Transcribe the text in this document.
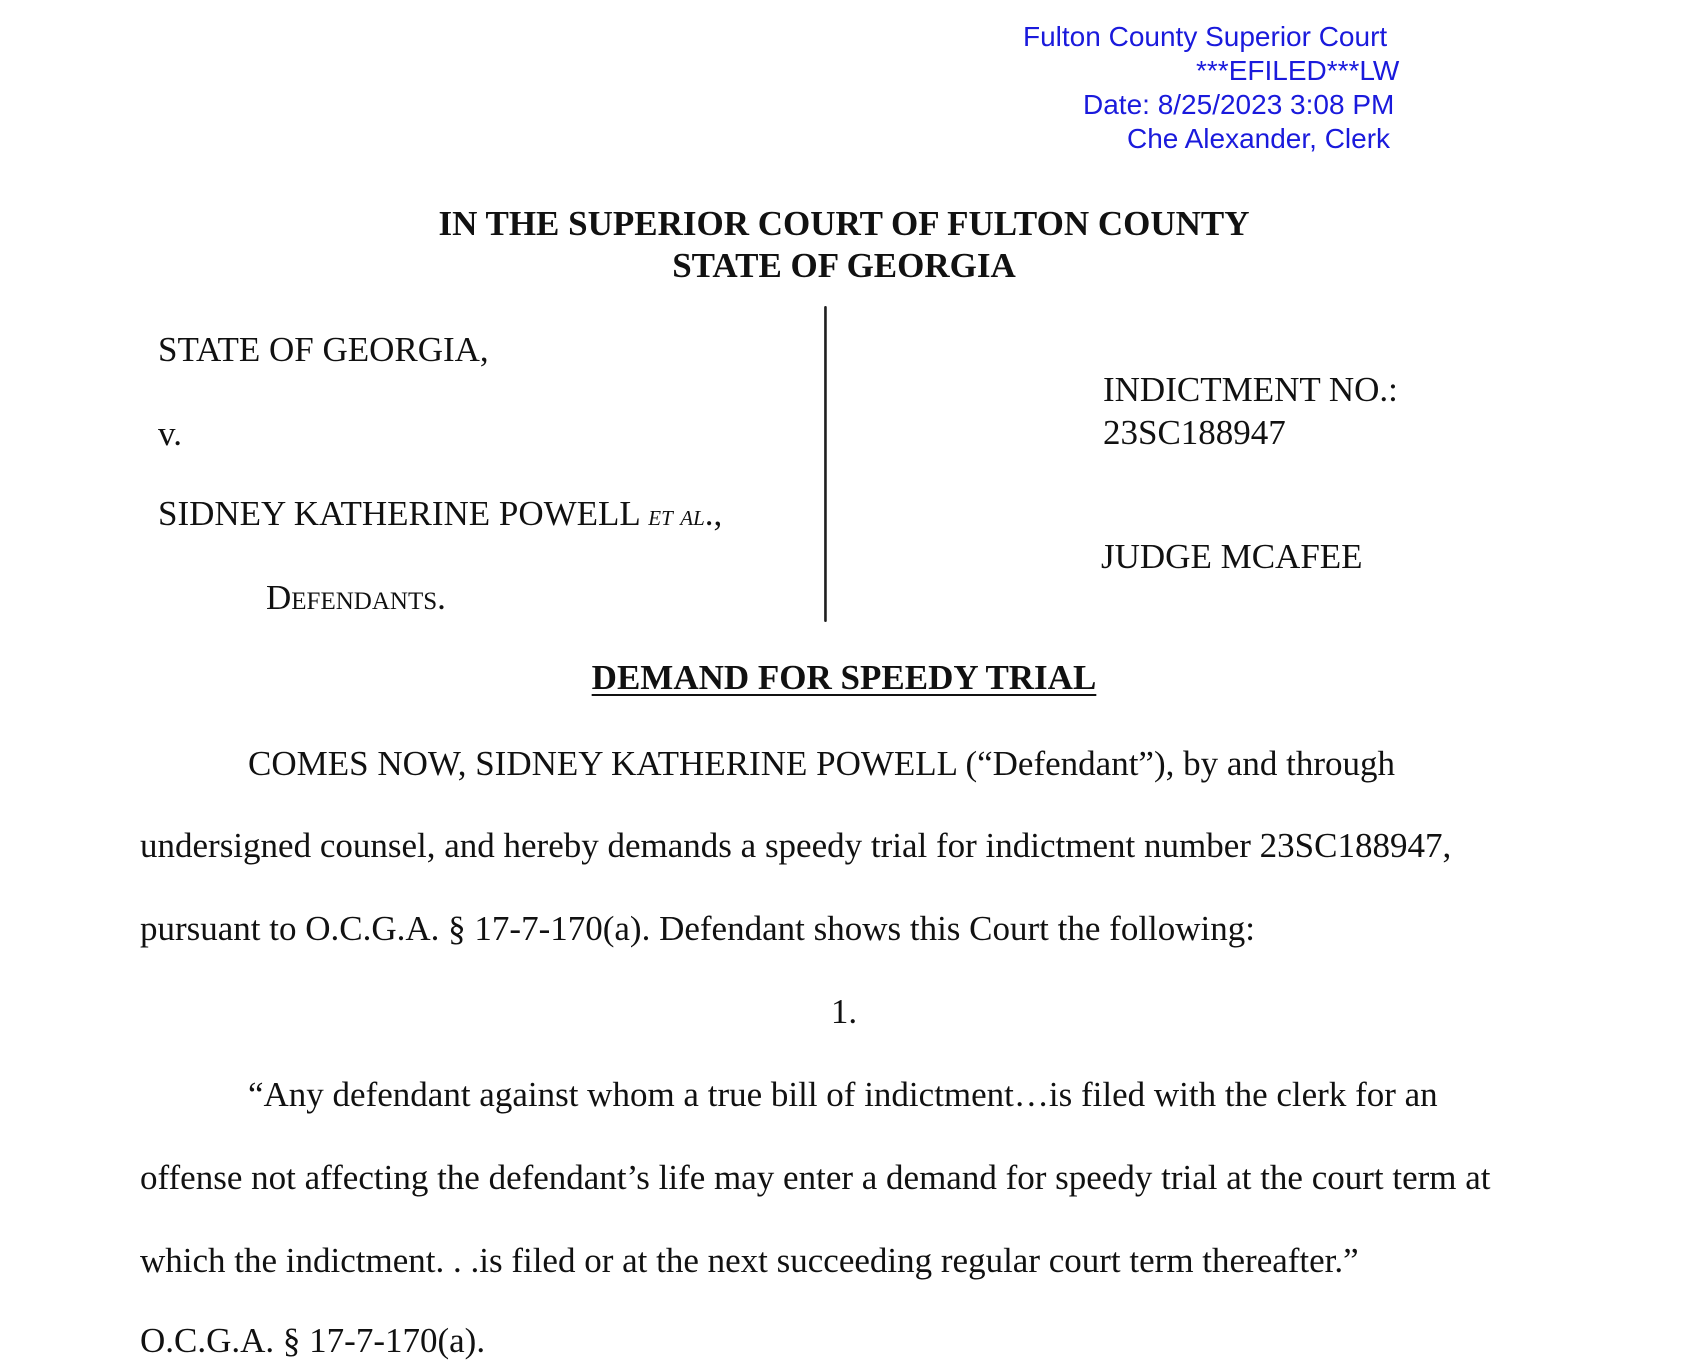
Fulton County Superior Court
***EFILED***LW
Date: 8/25/2023 3:08 PM
Che Alexander, Clerk
IN THE SUPERIOR COURT OF FULTON COUNTY
STATE OF GEORGIA
STATE OF GEORGIA,
v.
SIDNEY KATHERINE POWELL et al.,
Defendants.
INDICTMENT NO.:
23SC188947
JUDGE MCAFEE
DEMAND FOR SPEEDY TRIAL
COMES NOW, SIDNEY KATHERINE POWELL (“Defendant”), by and through
undersigned counsel, and hereby demands a speedy trial for indictment number 23SC188947,
pursuant to O.C.G.A. § 17-7-170(a). Defendant shows this Court the following:
1.
“Any defendant against whom a true bill of indictment…is filed with the clerk for an
offense not affecting the defendant’s life may enter a demand for speedy trial at the court term at
which the indictment. . .is filed or at the next succeeding regular court term thereafter.”
O.C.G.A. § 17-7-170(a).
